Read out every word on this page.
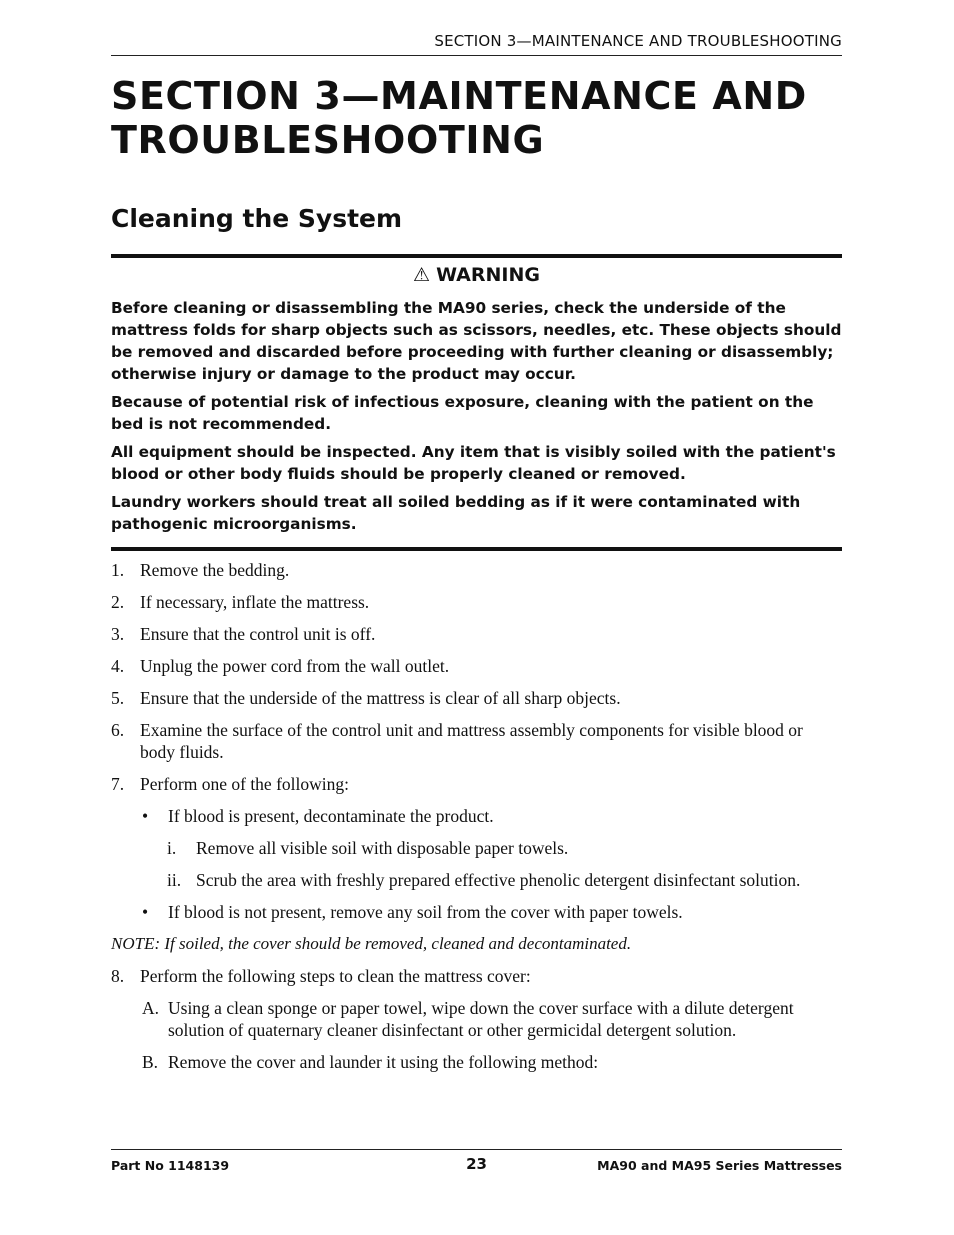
SECTION 3—MAINTENANCE AND TROUBLESHOOTING
SECTION 3—MAINTENANCE AND TROUBLESHOOTING
Cleaning the System
⚠ WARNING

Before cleaning or disassembling the MA90 series, check the underside of the mattress folds for sharp objects such as scissors, needles, etc. These objects should be removed and discarded before proceeding with further cleaning or disassembly; otherwise injury or damage to the product may occur.

Because of potential risk of infectious exposure, cleaning with the patient on the bed is not recommended.

All equipment should be inspected. Any item that is visibly soiled with the patient's blood or other body fluids should be properly cleaned or removed.

Laundry workers should treat all soiled bedding as if it were contaminated with pathogenic microorganisms.

1. Remove the bedding.
2. If necessary, inflate the mattress.
3. Ensure that the control unit is off.
4. Unplug the power cord from the wall outlet.
5. Ensure that the underside of the mattress is clear of all sharp objects.
6. Examine the surface of the control unit and mattress assembly components for visible blood or body fluids.
7. Perform one of the following:
• If blood is present, decontaminate the product.
i. Remove all visible soil with disposable paper towels.
ii. Scrub the area with freshly prepared effective phenolic detergent disinfectant solution.
• If blood is not present, remove any soil from the cover with paper towels.
NOTE: If soiled, the cover should be removed, cleaned and decontaminated.
8. Perform the following steps to clean the mattress cover:
A. Using a clean sponge or paper towel, wipe down the cover surface with a dilute detergent solution of quaternary cleaner disinfectant or other germicidal detergent solution.
B. Remove the cover and launder it using the following method:
Part No 1148139	23	MA90 and MA95 Series Mattresses
